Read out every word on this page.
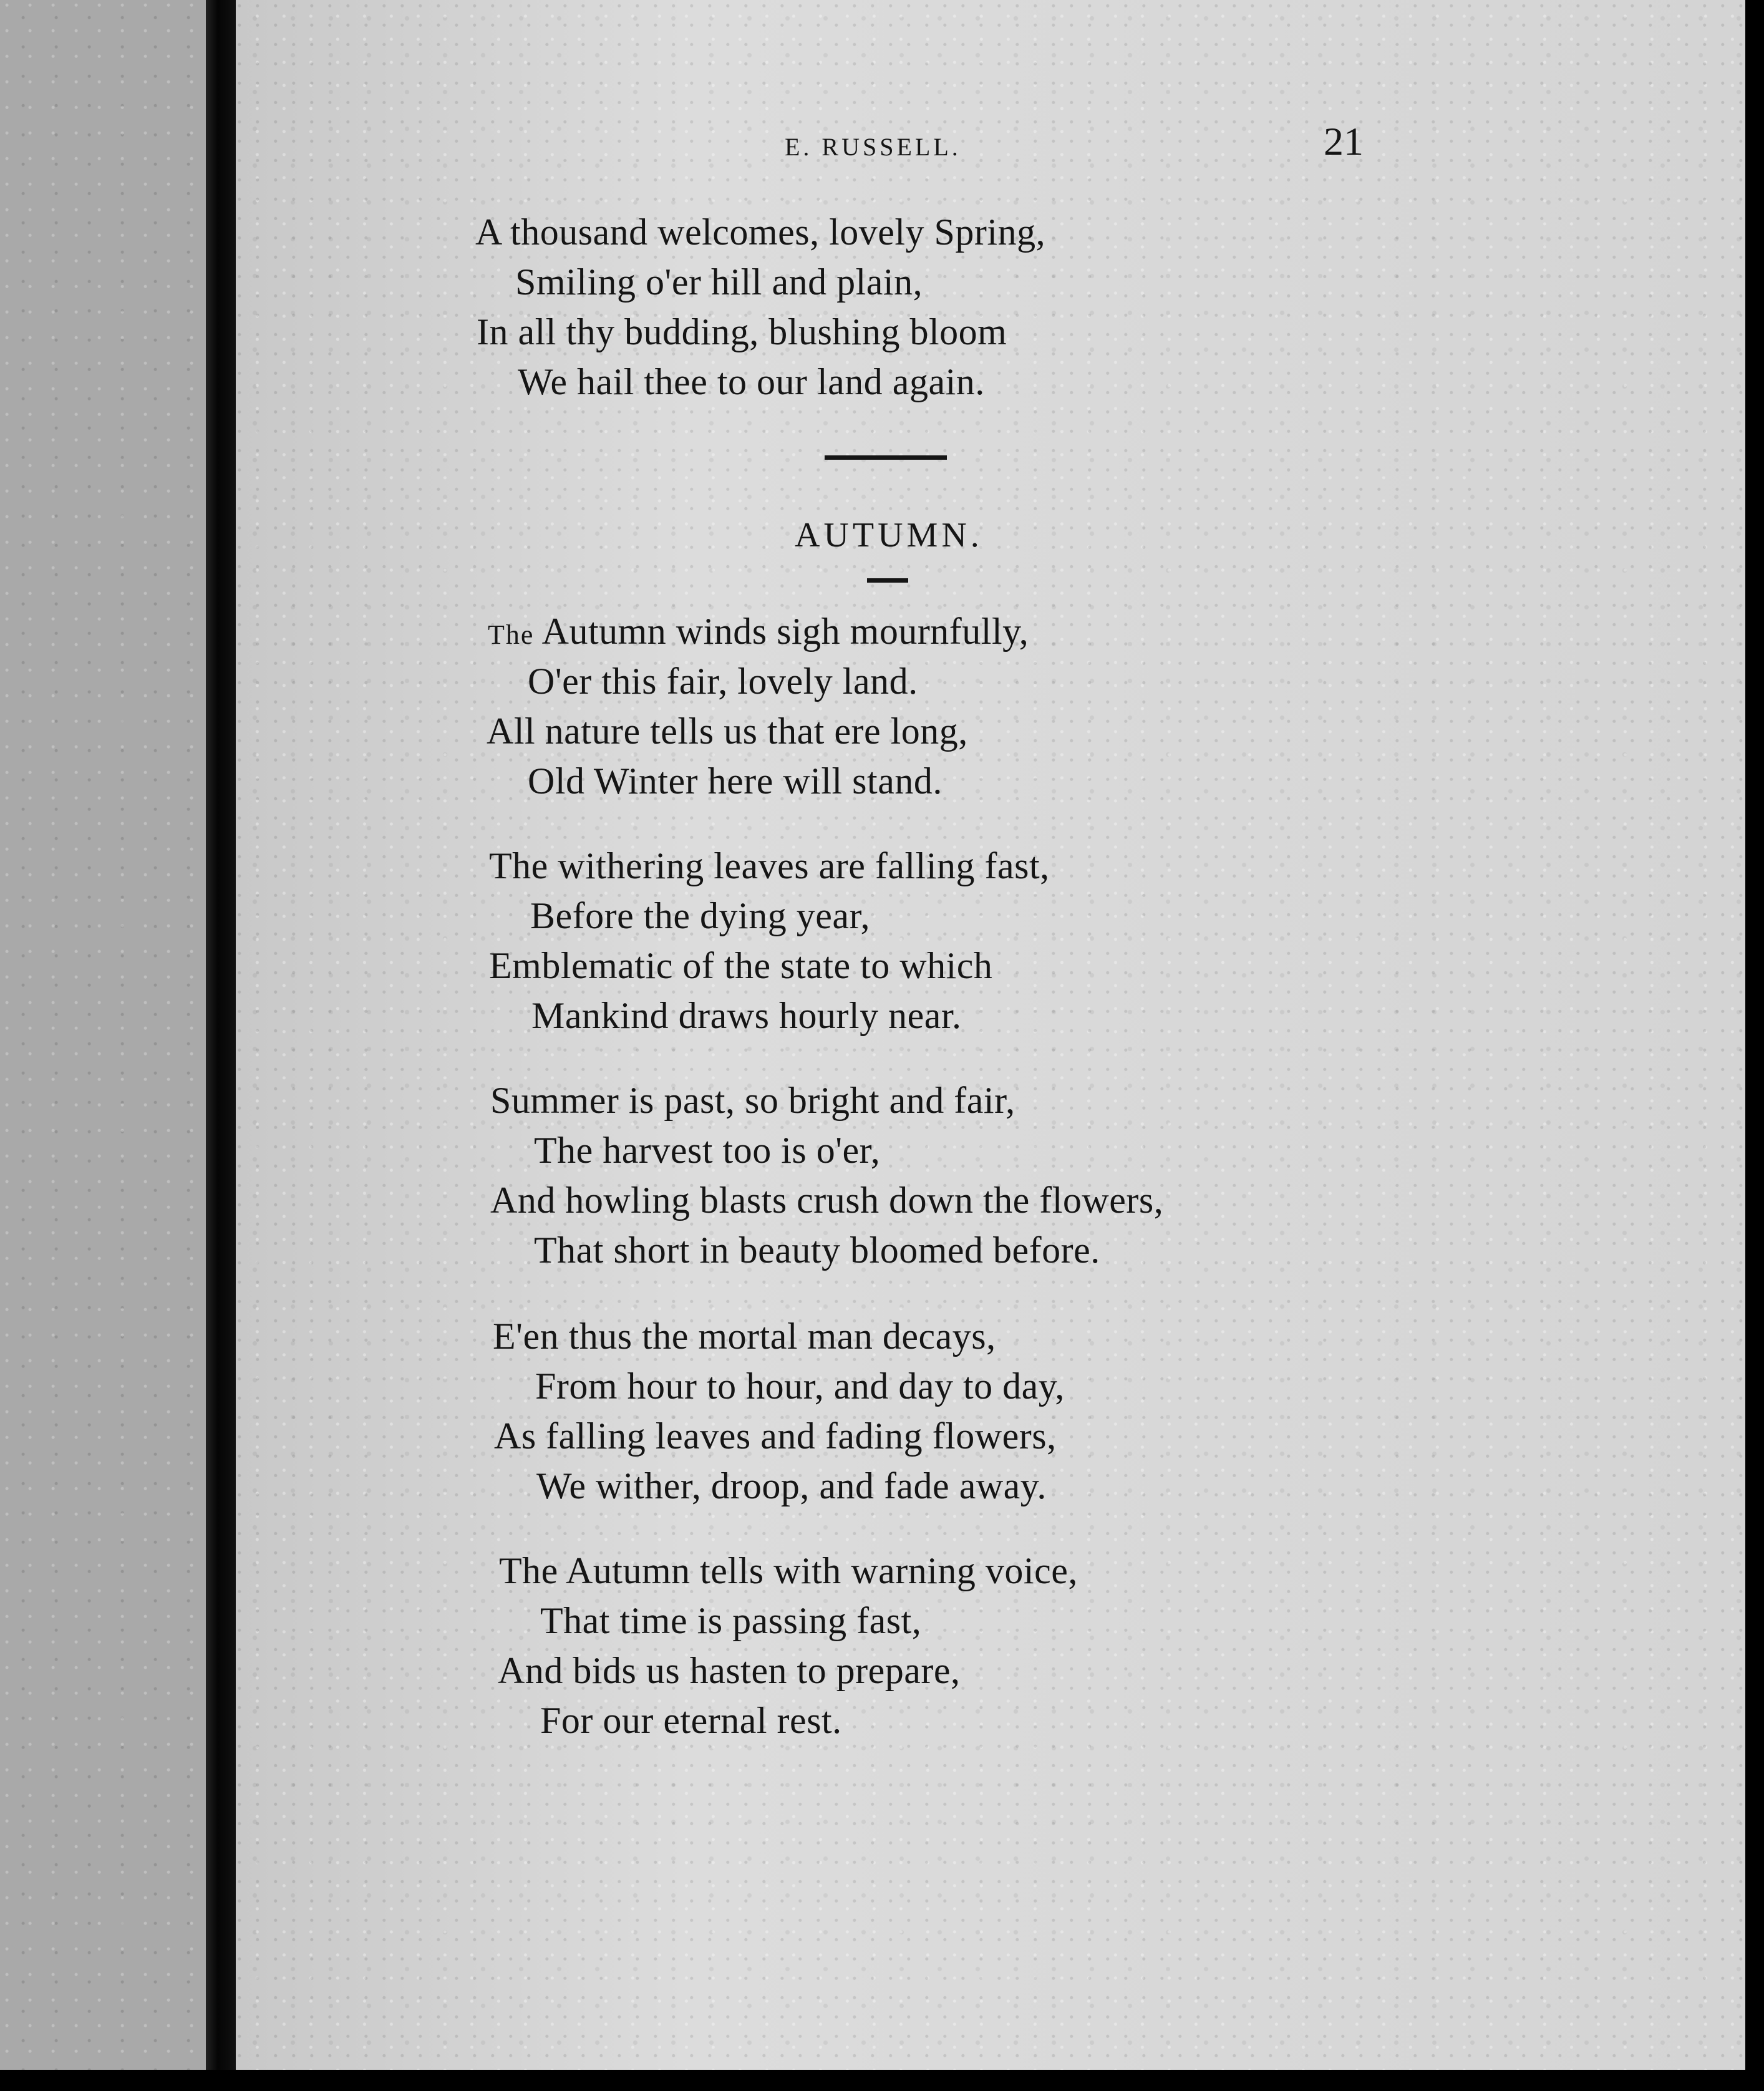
E. RUSSELL.	21
A thousand welcomes, lovely Spring,
Smiling o'er hill and plain,
In all thy budding, blushing bloom
We hail thee to our land again.
AUTUMN.
The Autumn winds sigh mournfully,
O'er this fair, lovely land.
All nature tells us that ere long,
Old Winter here will stand.
The withering leaves are falling fast,
Before the dying year,
Emblematic of the state to which
Mankind draws hourly near.
Summer is past, so bright and fair,
The harvest too is o'er,
And howling blasts crush down the flowers,
That short in beauty bloomed before.
E'en thus the mortal man decays,
From hour to hour, and day to day,
As falling leaves and fading flowers,
We wither, droop, and fade away.
The Autumn tells with warning voice,
That time is passing fast,
And bids us hasten to prepare,
For our eternal rest.
